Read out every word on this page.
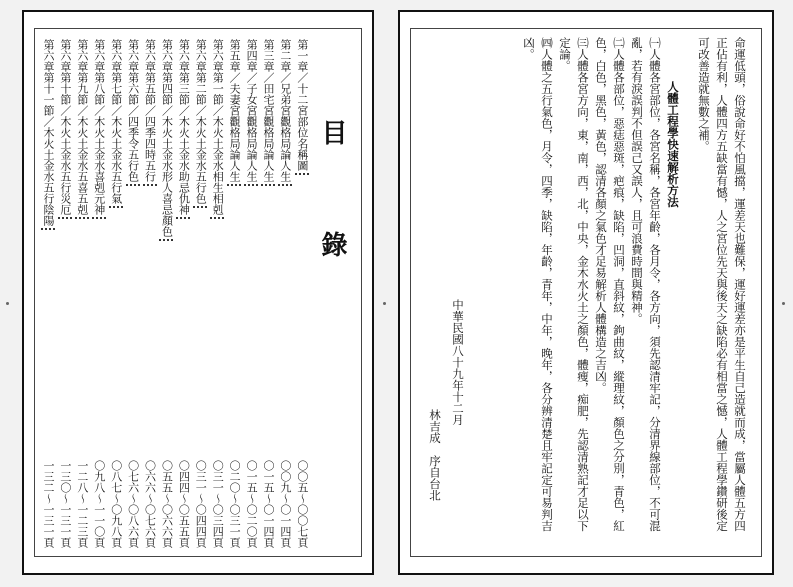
目 錄
第一章／十二宮部位名稱圖
〇〇五～〇〇七頁
第二章／兄弟宮觀格局論人生
〇〇九～〇一四頁
第三章／田宅宮觀格局論人生
〇一五～〇一四頁
第四章／子女宮觀格局論人生
〇一五～〇二〇頁
第五章／夫妻宮觀格局論人生
〇二〇～〇三一頁
第六章第一節／木火土金水相生相剋
〇三一～〇三四頁
第六章第二節／木火土金水五行色
〇三一～〇四四頁
第六章第三節／木火土金水助忌仇神
〇四四～〇五五頁
第六章第四節／木火土金水形人喜忌顏色
〇五五～〇六六頁
第六章第五節／四季四時五行
〇六六～〇七六頁
第六章第六節／四季令五行色
〇七六～〇八六頁
第六章第七節／木火土金水五行氣
〇八七～〇九八頁
第六章第八節／木火土金水喜剋元神
〇九八～一一〇頁
第六章第九節／木火土金水五喜五剋
一二八～一二三頁
第六章第十節／木火土金水五行災厄
一三〇～一三一頁
第六章第十一節／木火土金水五行陰陽
一三二～一三一頁	命運低頭，俗說命好不怕風擋，運差天也難保，運好運差亦是平生自己造就而成，當屬人體五方四
正佔有利，人體四方五缺當有憾，人之宮位先天與後天之缺陷必有相當之憾，人體工程學鑽研後定
可改善造就無數之補。
人體工程學快速解析方法
㈠人體各宮部位，各宮名稱，各宮年齡，各月令，各方向，須先認清牢記，分清界線部位，不可混
亂，若有淚誤判不但誤己又誤人，且可浪費時間與精神。
㈡人體各部位，惡痣惡斑，疤痕，缺陷，凹洞，直斜紋，鉤曲紋，縱理紋，顏色之分別，青色，紅
色，白色，黑色，黃色，認清各顏之氣色才足易解析人體構造之吉凶。
㈢人體各宮方向，東，南，西，北，中央，金木水火土之顏色，體瘦，痴肥，先認清熟記才足以下
定論。
㈣人體之五行氣色，月令，四季，缺陷，年齡，青年，中年，晚年，各分辨清楚且牢記定可易判吉
凶。
中華民國八十九年十二月
林吉成　序自台北
